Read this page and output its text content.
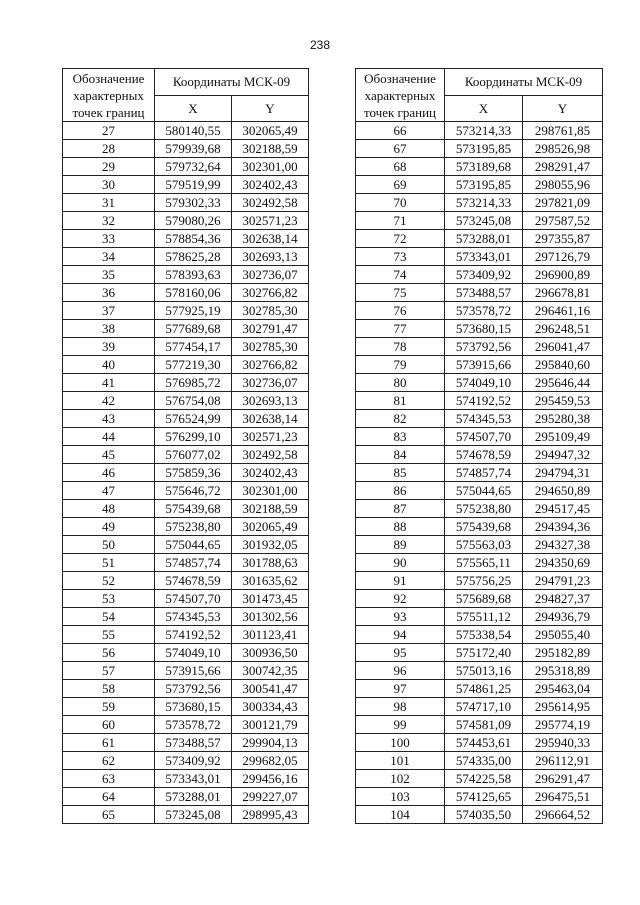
238
Обозначение характерных точек границ	Координаты МСК-09	
	X	Y
27	580140,55	302065,49
28	579939,68	302188,59
29	579732,64	302301,00
30	579519,99	302402,43
31	579302,33	302492,58
32	579080,26	302571,23
33	578854,36	302638,14
34	578625,28	302693,13
35	578393,63	302736,07
36	578160,06	302766,82
37	577925,19	302785,30
38	577689,68	302791,47
39	577454,17	302785,30
40	577219,30	302766,82
41	576985,72	302736,07
42	576754,08	302693,13
43	576524,99	302638,14
44	576299,10	302571,23
45	576077,02	302492,58
46	575859,36	302402,43
47	575646,72	302301,00
48	575439,68	302188,59
49	575238,80	302065,49
50	575044,65	301932,05
51	574857,74	301788,63
52	574678,59	301635,62
53	574507,70	301473,45
54	574345,53	301302,56
55	574192,52	301123,41
56	574049,10	300936,50
57	573915,66	300742,35
58	573792,56	300541,47
59	573680,15	300334,43
60	573578,72	300121,79
61	573488,57	299904,13
62	573409,92	299682,05
63	573343,01	299456,16
64	573288,01	299227,07
65	573245,08	298995,43
Обозначение характерных точек границ	Координаты МСК-09	
	X	Y
66	573214,33	298761,85
67	573195,85	298526,98
68	573189,68	298291,47
69	573195,85	298055,96
70	573214,33	297821,09
71	573245,08	297587,52
72	573288,01	297355,87
73	573343,01	297126,79
74	573409,92	296900,89
75	573488,57	296678,81
76	573578,72	296461,16
77	573680,15	296248,51
78	573792,56	296041,47
79	573915,66	295840,60
80	574049,10	295646,44
81	574192,52	295459,53
82	574345,53	295280,38
83	574507,70	295109,49
84	574678,59	294947,32
85	574857,74	294794,31
86	575044,65	294650,89
87	575238,80	294517,45
88	575439,68	294394,36
89	575563,03	294327,38
90	575565,11	294350,69
91	575756,25	294791,23
92	575689,68	294827,37
93	575511,12	294936,79
94	575338,54	295055,40
95	575172,40	295182,89
96	575013,16	295318,89
97	574861,25	295463,04
98	574717,10	295614,95
99	574581,09	295774,19
100	574453,61	295940,33
101	574335,00	296112,91
102	574225,58	296291,47
103	574125,65	296475,51
104	574035,50	296664,52
